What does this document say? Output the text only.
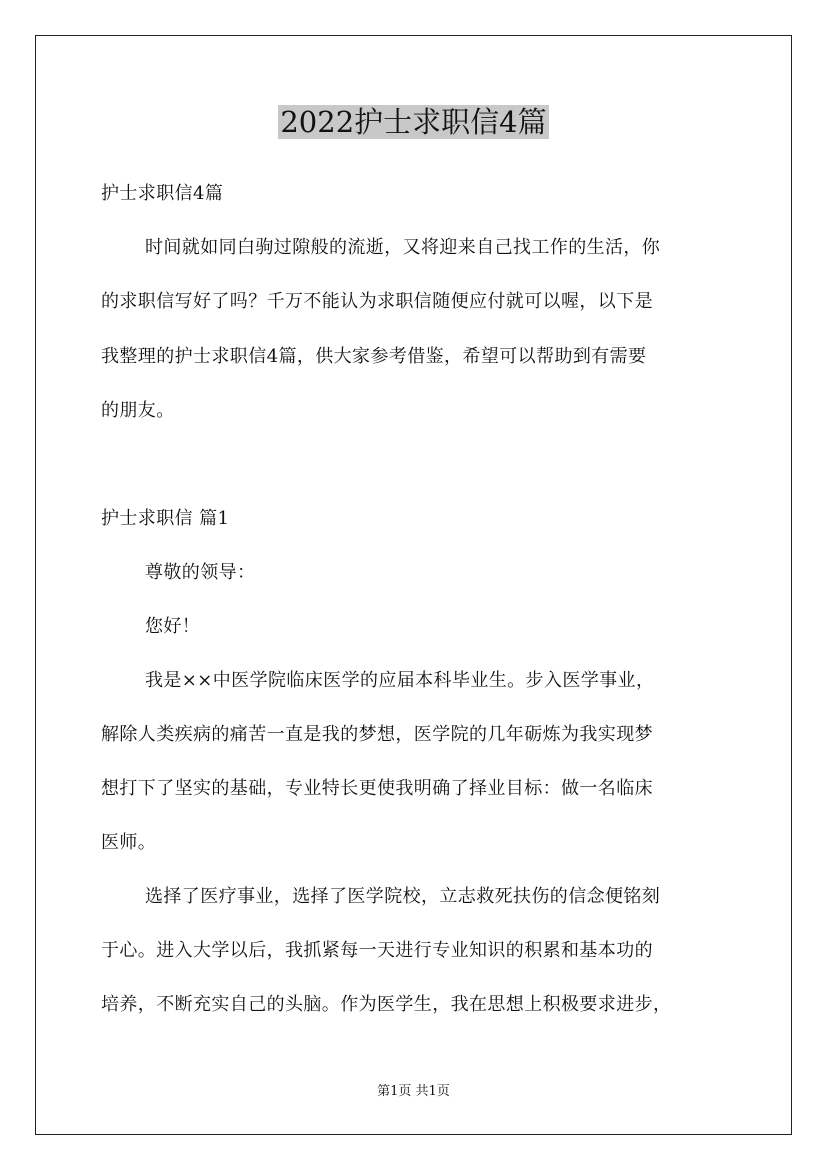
2022护士求职信4篇

护士求职信4篇

时间就如同白驹过隙般的流逝，又将迎来自己找工作的生活，你

的求职信写好了吗？千万不能认为求职信随便应付就可以喔，以下是

我整理的护士求职信4篇，供大家参考借鉴，希望可以帮助到有需要

的朋友。

护士求职信 篇1

尊敬的领导：

您好！

我是××中医学院临床医学的应届本科毕业生。步入医学事业，

解除人类疾病的痛苦一直是我的梦想，医学院的几年砺炼为我实现梦

想打下了坚实的基础，专业特长更使我明确了择业目标：做一名临床

医师。

选择了医疗事业，选择了医学院校，立志救死扶伤的信念便铭刻

于心。进入大学以后，我抓紧每一天进行专业知识的积累和基本功的

培养，不断充实自己的头脑。作为医学生，我在思想上积极要求进步，

第1页 共1页
